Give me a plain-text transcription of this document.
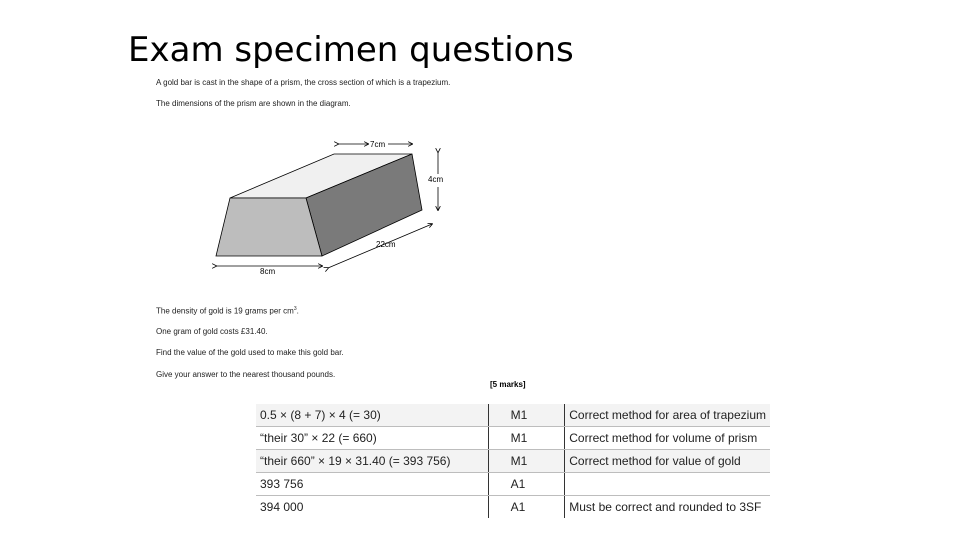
Exam specimen questions
A gold bar is cast in the shape of a prism, the cross section of which is a trapezium.
The dimensions of the prism are shown in the diagram.
7cm
4cm
22cm
8cm
The density of gold is 19 grams per $cm^3$.
One gram of gold costs £31.40.
Find the value of the gold used to make this gold bar.
Give your answer to the nearest thousand pounds.
[5 marks]
0.5 × (8 + 7) × 4 (= 30)	M1	Correct method for area of trapezium
“their 30” × 22 (= 660)	M1	Correct method for volume of prism
“their 660” × 19 × 31.40 (= 393 756)	M1	Correct method for value of gold
393 756	A1	
394 000	A1	Must be correct and rounded to 3SF
